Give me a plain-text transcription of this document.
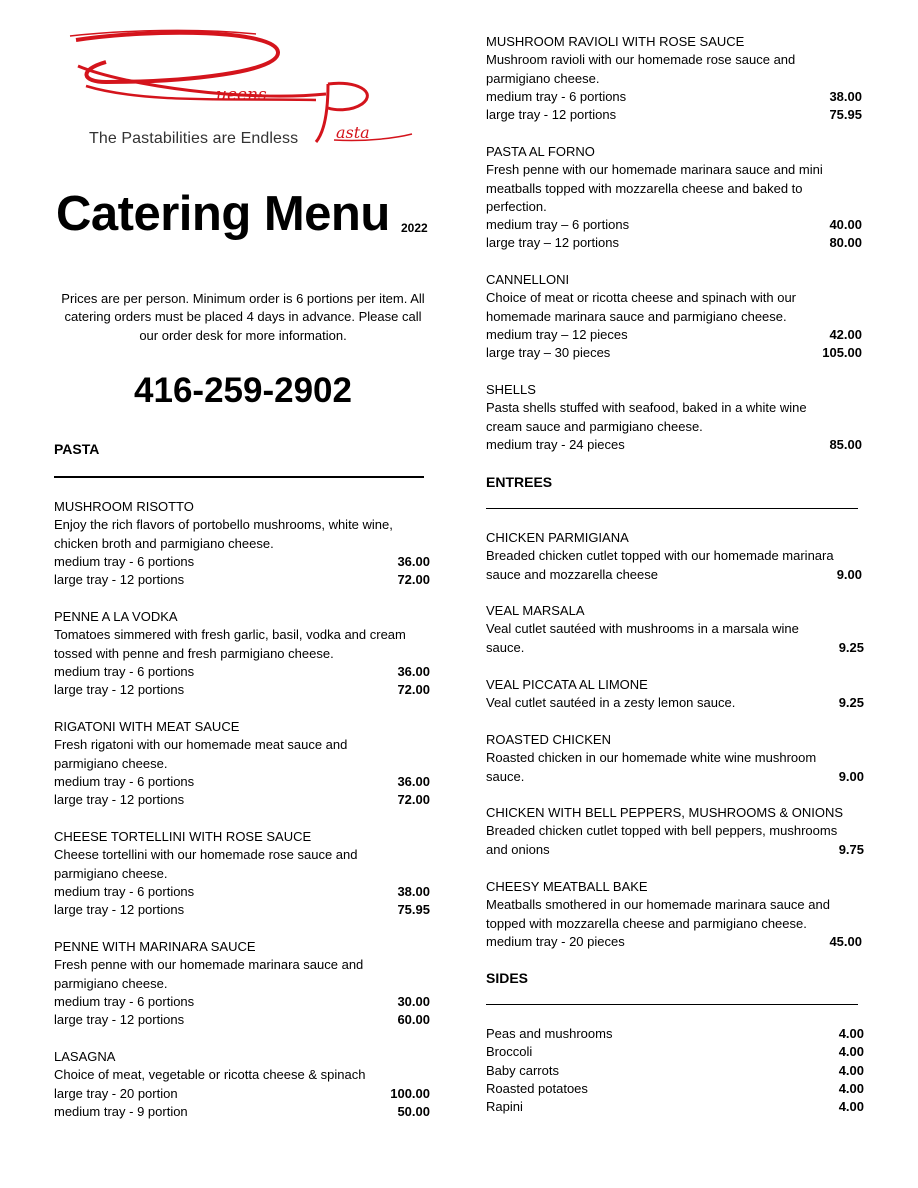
ueens
asta
The Pastabilities are Endless
Catering Menu 2022
Prices are per person. Minimum order is 6 portions per item. All catering orders must be placed 4 days in advance. Please call our order desk for more information.
416-259-2902
PASTA
MUSHROOM RISOTTO
Enjoy the rich flavors of portobello mushrooms, white wine, chicken broth and parmigiano cheese.
medium tray - 6 portions	36.00
large tray - 12 portions	72.00
PENNE A LA VODKA
Tomatoes simmered with fresh garlic, basil, vodka and cream tossed with penne and fresh parmigiano cheese.
medium tray - 6 portions	36.00
large tray - 12 portions	72.00
RIGATONI WITH MEAT SAUCE
Fresh rigatoni with our homemade meat sauce and parmigiano cheese.
medium tray - 6 portions	36.00
large tray - 12 portions	72.00
CHEESE TORTELLINI WITH ROSE SAUCE
Cheese tortellini with our homemade rose sauce and parmigiano cheese.
medium tray - 6 portions	38.00
large tray - 12 portions	75.95
PENNE WITH MARINARA SAUCE
Fresh penne with our homemade marinara sauce and parmigiano cheese.
medium tray - 6 portions	30.00
large tray - 12 portions	60.00
LASAGNA
Choice of meat, vegetable or ricotta cheese & spinach
large tray - 20 portion	100.00
medium tray - 9 portion	50.00
MUSHROOM RAVIOLI WITH ROSE SAUCE
Mushroom ravioli with our homemade rose sauce and parmigiano cheese.
medium tray - 6 portions	38.00
large tray - 12 portions	75.95
PASTA AL FORNO
Fresh penne with our homemade marinara sauce and mini meatballs topped with mozzarella cheese and baked to perfection.
medium tray – 6 portions	40.00
large tray – 12 portions	80.00
CANNELLONI
Choice of meat or ricotta cheese and spinach with our homemade marinara sauce and parmigiano cheese.
medium tray – 12 pieces	42.00
large tray – 30 pieces	105.00
SHELLS
Pasta shells stuffed with seafood, baked in a white wine cream sauce and parmigiano cheese.
medium tray - 24 pieces	85.00
ENTREES
CHICKEN PARMIGIANA
Breaded chicken cutlet topped with our homemade marinara
sauce and mozzarella cheese	9.00
VEAL MARSALA
Veal cutlet sautéed with mushrooms in a marsala wine
sauce.	9.25
VEAL PICCATA AL LIMONE
Veal cutlet sautéed in a zesty lemon sauce.	9.25
ROASTED CHICKEN
Roasted chicken in our homemade white wine mushroom
sauce.	9.00
CHICKEN WITH BELL PEPPERS, MUSHROOMS & ONIONS
Breaded chicken cutlet topped with bell peppers, mushrooms
and onions	9.75
CHEESY MEATBALL BAKE
Meatballs smothered in our homemade marinara sauce and
topped with mozzarella cheese and parmigiano cheese.
medium tray - 20 pieces	45.00
SIDES
Peas and mushrooms	4.00
Broccoli	4.00
Baby carrots	4.00
Roasted potatoes	4.00
Rapini	4.00
